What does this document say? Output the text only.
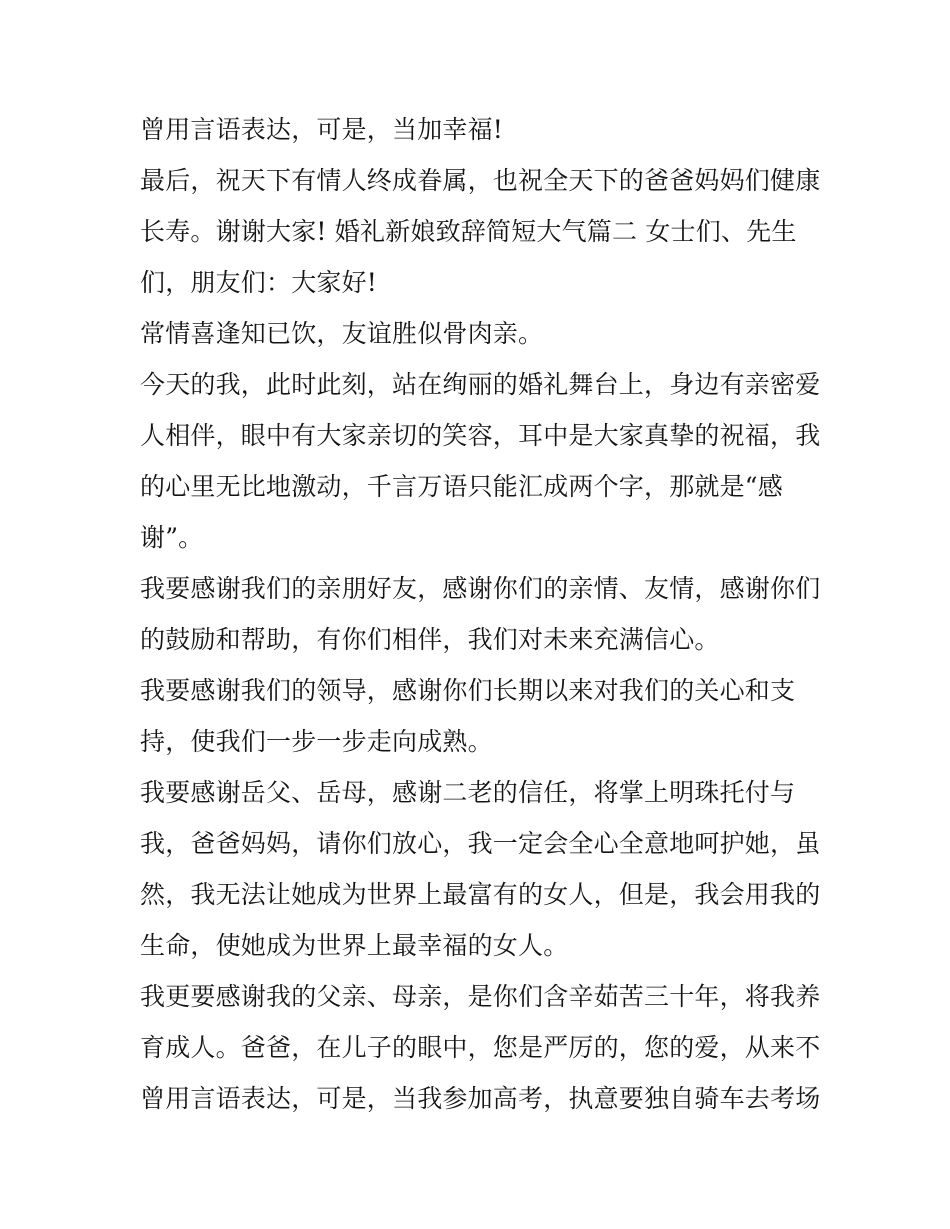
曾用言语表达，可是，当加幸福!
最后，祝天下有情人终成眷属，也祝全天下的爸爸妈妈们健康
长寿。谢谢大家! 婚礼新娘致辞简短大气篇二 女士们、先生
们，朋友们：大家好!
常情喜逢知已饮，友谊胜似骨肉亲。
今天的我，此时此刻，站在绚丽的婚礼舞台上，身边有亲密爱
人相伴，眼中有大家亲切的笑容，耳中是大家真挚的祝福，我
的心里无比地激动，千言万语只能汇成两个字，那就是“感
谢”。
我要感谢我们的亲朋好友，感谢你们的亲情、友情，感谢你们
的鼓励和帮助，有你们相伴，我们对未来充满信心。
我要感谢我们的领导，感谢你们长期以来对我们的关心和支
持，使我们一步一步走向成熟。
我要感谢岳父、岳母，感谢二老的信任，将掌上明珠托付与
我，爸爸妈妈，请你们放心，我一定会全心全意地呵护她，虽
然，我无法让她成为世界上最富有的女人，但是，我会用我的
生命，使她成为世界上最幸福的女人。
我更要感谢我的父亲、母亲，是你们含辛茹苦三十年，将我养
育成人。爸爸，在儿子的眼中，您是严厉的，您的爱，从来不
曾用言语表达，可是，当我参加高考，执意要独自骑车去考场
